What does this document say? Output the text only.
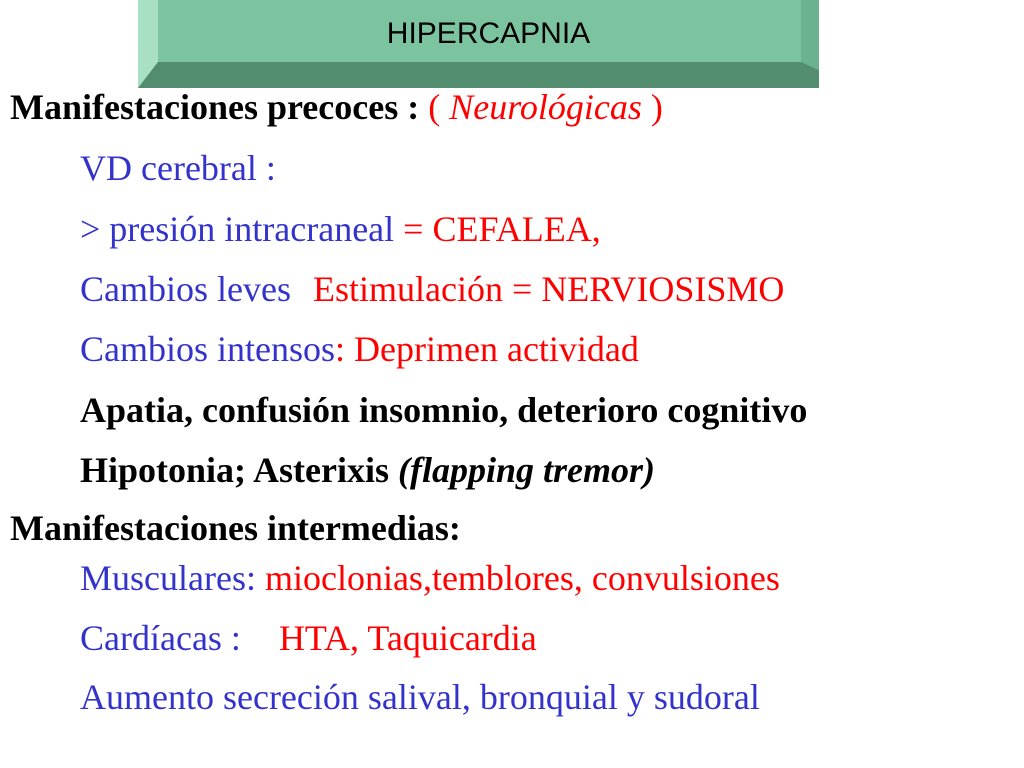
HIPERCAPNIA
Manifestaciones precoces : ( Neurológicas )
VD cerebral :
> presión intracraneal = CEFALEA,
Cambios leves Estimulación = NERVIOSISMO
Cambios intensos: Deprimen actividad
Apatia, confusión insomnio, deterioro cognitivo
Hipotonia; Asterixis (flapping tremor)
Manifestaciones intermedias:
Musculares: mioclonias,temblores, convulsiones
Cardíacas : HTA, Taquicardia
Aumento secreción salival, bronquial y sudoral
